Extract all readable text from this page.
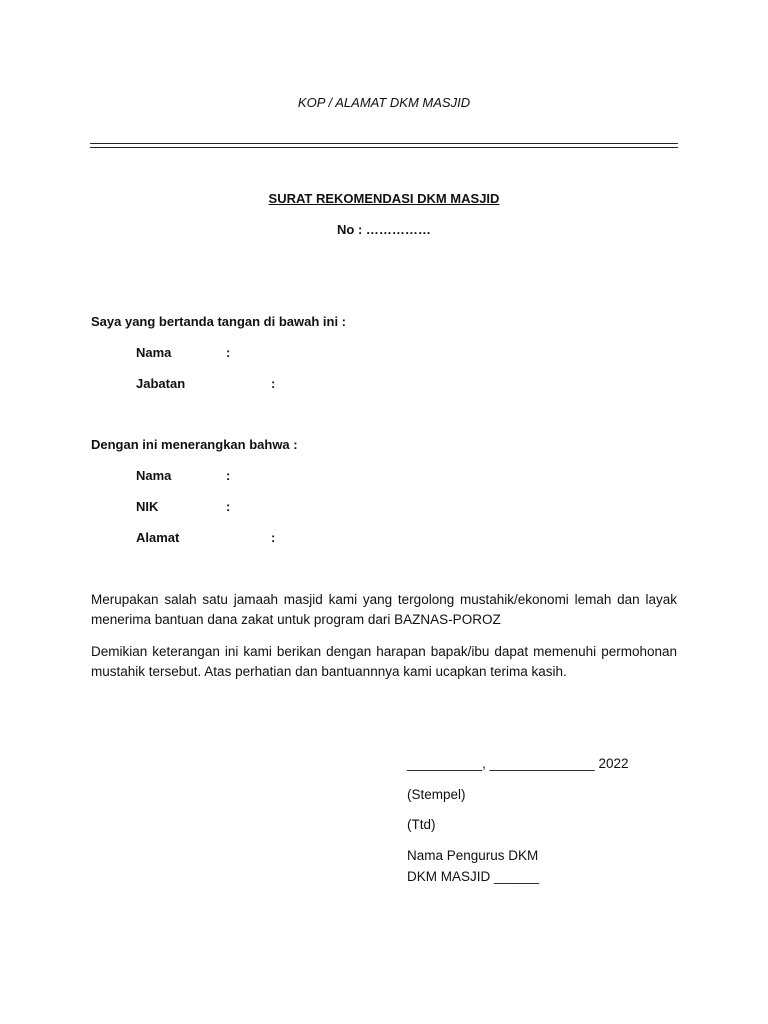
KOP / ALAMAT DKM MASJID
SURAT REKOMENDASI DKM MASJID
No : ……………
Saya yang bertanda tangan di bawah ini :
Nama	:
Jabatan	:
Dengan ini menerangkan bahwa :
Nama	:
NIK	:
Alamat	:
Merupakan salah satu jamaah masjid kami yang tergolong mustahik/ekonomi lemah dan layak menerima bantuan dana zakat untuk program dari BAZNAS-POROZ
Demikian keterangan ini kami berikan dengan harapan bapak/ibu dapat memenuhi permohonan mustahik tersebut. Atas perhatian dan bantuannnya kami ucapkan terima kasih.
__________, ______________ 2022
(Stempel)
(Ttd)
Nama Pengurus DKM
DKM MASJID ______
